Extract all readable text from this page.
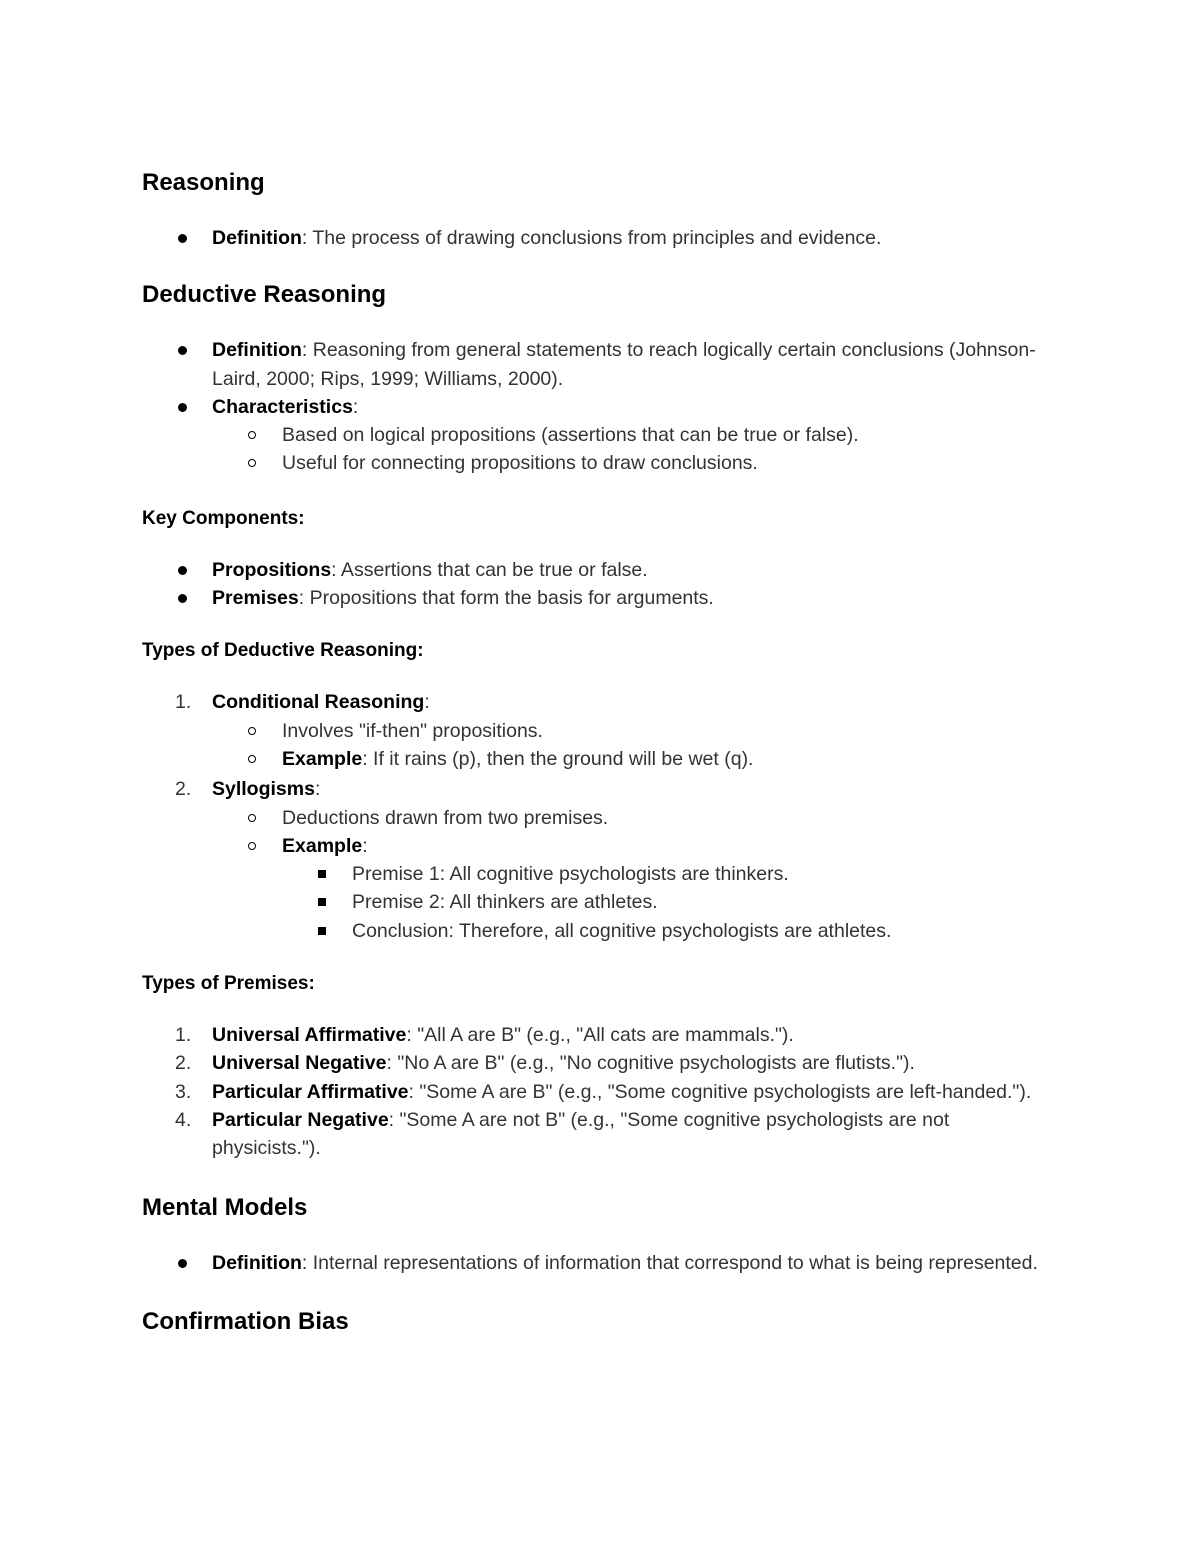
Reasoning
Definition: The process of drawing conclusions from principles and evidence.
Deductive Reasoning
Definition: Reasoning from general statements to reach logically certain conclusions (Johnson-Laird, 2000; Rips, 1999; Williams, 2000).
Characteristics:
Based on logical propositions (assertions that can be true or false).
Useful for connecting propositions to draw conclusions.
Key Components:
Propositions: Assertions that can be true or false.
Premises: Propositions that form the basis for arguments.
Types of Deductive Reasoning:
1.	Conditional Reasoning:
Involves "if-then" propositions.
Example: If it rains (p), then the ground will be wet (q).
2.	Syllogisms:
Deductions drawn from two premises.
Example:
Premise 1: All cognitive psychologists are thinkers.
Premise 2: All thinkers are athletes.
Conclusion: Therefore, all cognitive psychologists are athletes.
Types of Premises:
1.	Universal Affirmative: "All A are B" (e.g., "All cats are mammals.").
2.	Universal Negative: "No A are B" (e.g., "No cognitive psychologists are flutists.").
3.	Particular Affirmative: "Some A are B" (e.g., "Some cognitive psychologists are left-handed.").
4.	Particular Negative: "Some A are not B" (e.g., "Some cognitive psychologists are not physicists.").
Mental Models
Definition: Internal representations of information that correspond to what is being represented.
Confirmation Bias
